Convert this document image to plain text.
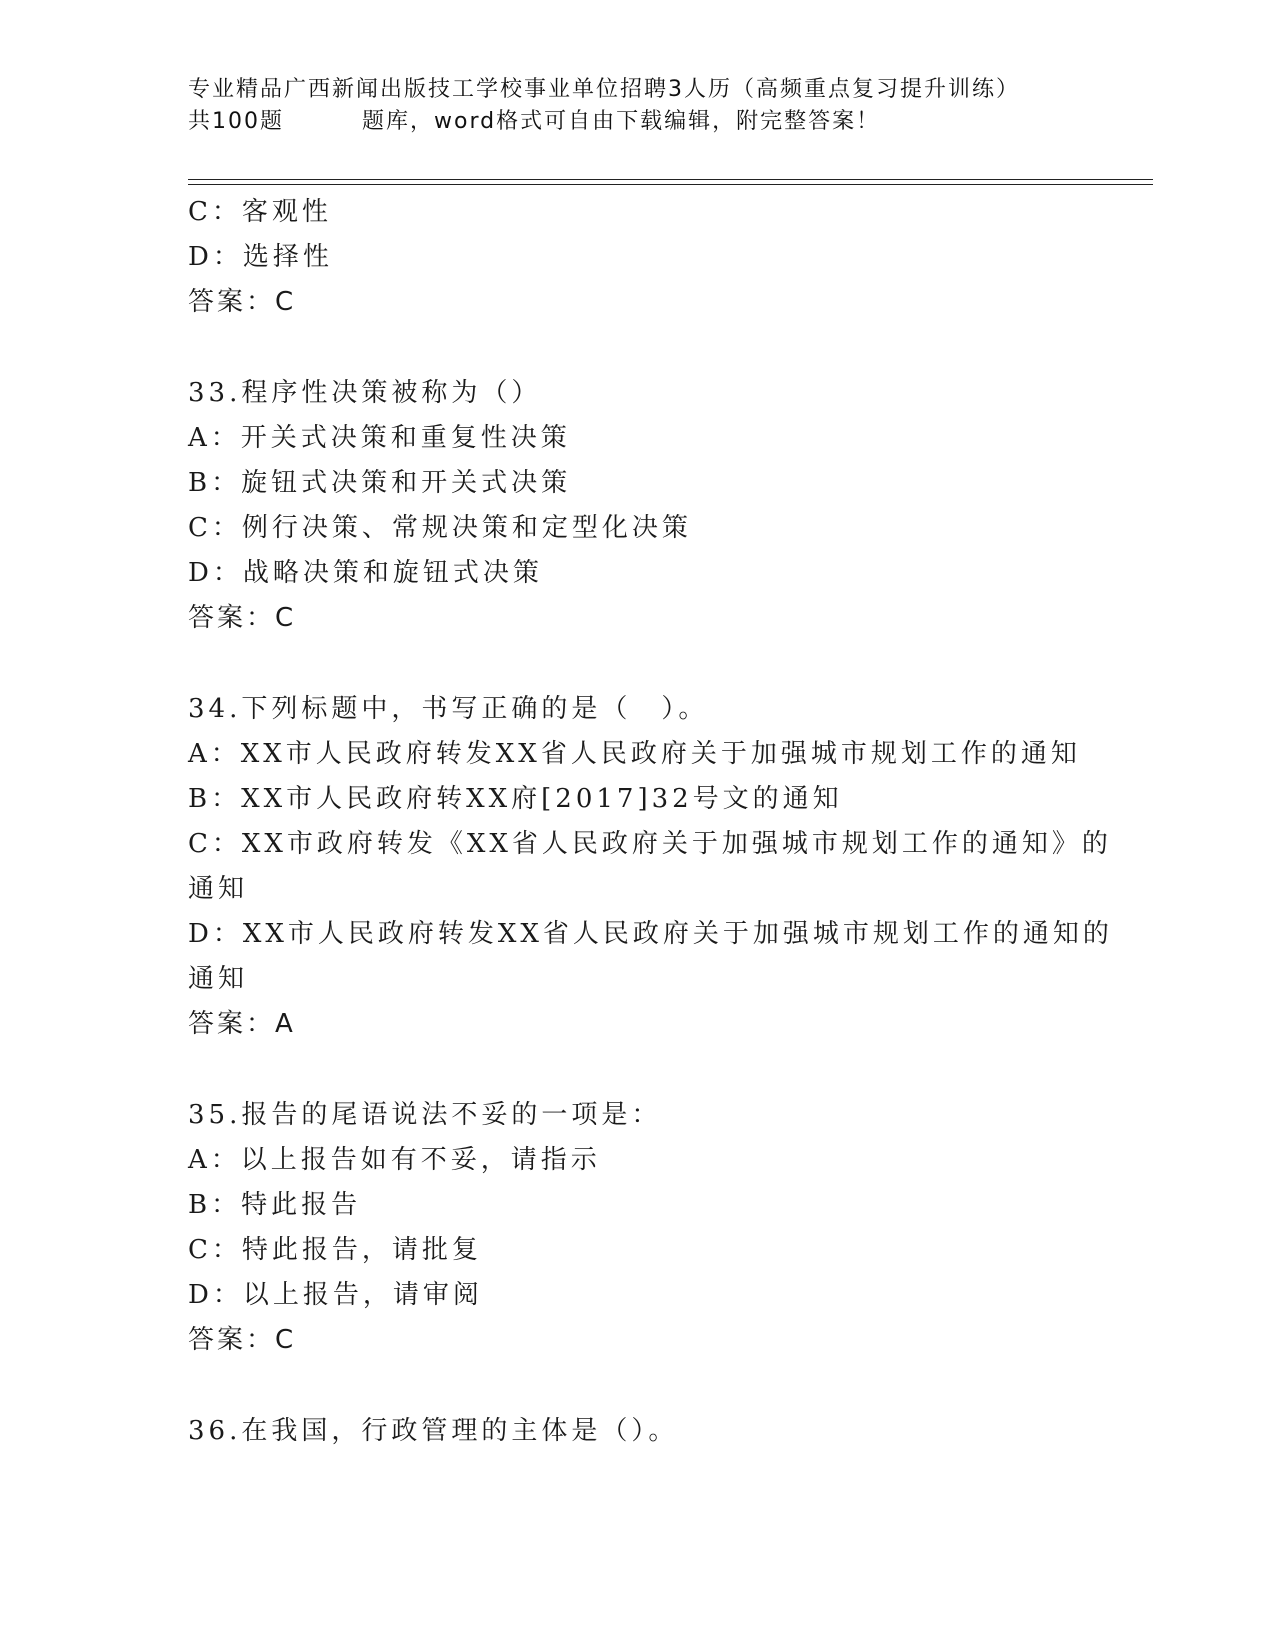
专业精品广西新闻出版技工学校事业单位招聘3人历（高频重点复习提升训练）
共100题	题库，word格式可自由下载编辑，附完整答案！
C：客观性
D：选择性
答案：C
33.程序性决策被称为（）
A：开关式决策和重复性决策
B：旋钮式决策和开关式决策
C：例行决策、常规决策和定型化决策
D：战略决策和旋钮式决策
答案：C
34.下列标题中，书写正确的是（　）。
A：XX市人民政府转发XX省人民政府关于加强城市规划工作的通知
B：XX市人民政府转XX府[2017]32号文的通知
C：XX市政府转发《XX省人民政府关于加强城市规划工作的通知》的
通知
D：XX市人民政府转发XX省人民政府关于加强城市规划工作的通知的
通知
答案：A
35.报告的尾语说法不妥的一项是：
A：以上报告如有不妥，请指示
B：特此报告
C：特此报告，请批复
D：以上报告，请审阅
答案：C
36.在我国，行政管理的主体是（）。
